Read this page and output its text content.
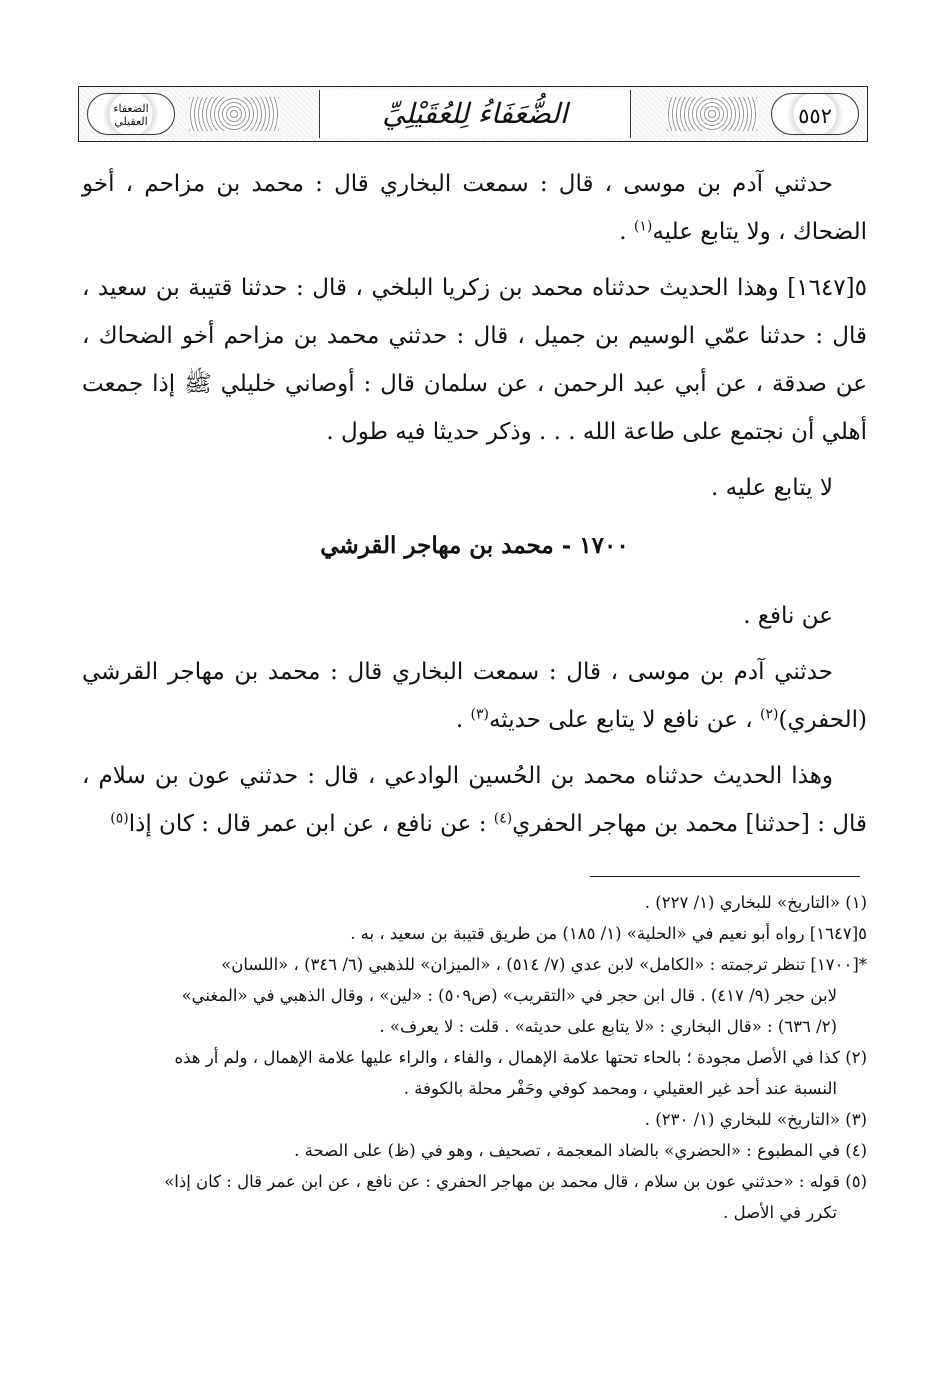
الضعفاء العقيلي	الضُّعَفَاءُ لِلعُقَيْلِيِّ	٥٥٢

حدثني آدم بن موسى ، قال : سمعت البخاري قال : محمد بن مزاحم ، أخو الضحاك ، ولا يتابع عليه$^{(١)}$ .

٥[١٦٤٧] وهذا الحديث حدثناه محمد بن زكريا البلخي ، قال : حدثنا قتيبة بن سعيد ، قال : حدثنا عمّي الوسيم بن جميل ، قال : حدثني محمد بن مزاحم أخو الضحاك ، عن صدقة ، عن أبي عبد الرحمن ، عن سلمان قال : أوصاني خليلي ﷺ إذا جمعت أهلي أن نجتمع على طاعة الله . . . وذكر حديثا فيه طول .

لا يتابع عليه .

١٧٠٠ - محمد بن مهاجر القرشي

عن نافع .

حدثني آدم بن موسى ، قال : سمعت البخاري قال : محمد بن مهاجر القرشي (الحفري)$^{(٢)}$ ، عن نافع لا يتابع على حديثه$^{(٣)}$ .

وهذا الحديث حدثناه محمد بن الحُسين الوادعي ، قال : حدثني عون بن سلام ، قال : [حدثنا] محمد بن مهاجر الحفري$^{(٤)}$ : عن نافع ، عن ابن عمر قال : كان إذا$^{(٥)}$

(١) «التاريخ» للبخاري (١/ ٢٢٧) .

٥[١٦٤٧] رواه أبو نعيم في «الحلية» (١/ ١٨٥) من طريق قتيبة بن سعيد ، به .

*[١٧٠٠] تنظر ترجمته : «الكامل» لابن عدي (٧/ ٥١٤) ، «الميزان» للذهبي (٦/ ٣٤٦) ، «اللسان»

لابن حجر (٩/ ٤١٧) . قال ابن حجر في «التقريب» (ص٥٠٩) : «لين» ، وقال الذهبي في «المغني»

(٢/ ٦٣٦) : «قال البخاري : «لا يتابع على حديثه» . قلت : لا يعرف» .

(٢) كذا في الأصل مجودة ؛ بالحاء تحتها علامة الإهمال ، والفاء ، والراء عليها علامة الإهمال ، ولم أر هذه

النسبة عند أحد غير العقيلي ، ومحمد كوفي وحَفْر محلة بالكوفة .

(٣) «التاريخ» للبخاري (١/ ٢٣٠) .

(٤) في المطبوع : «الحضري» بالضاد المعجمة ، تصحيف ، وهو في (ظ) على الصحة .

(٥) قوله : «حدثني عون بن سلام ، قال محمد بن مهاجر الحفري : عن نافع ، عن ابن عمر قال : كان إذا»

تكرر في الأصل .
